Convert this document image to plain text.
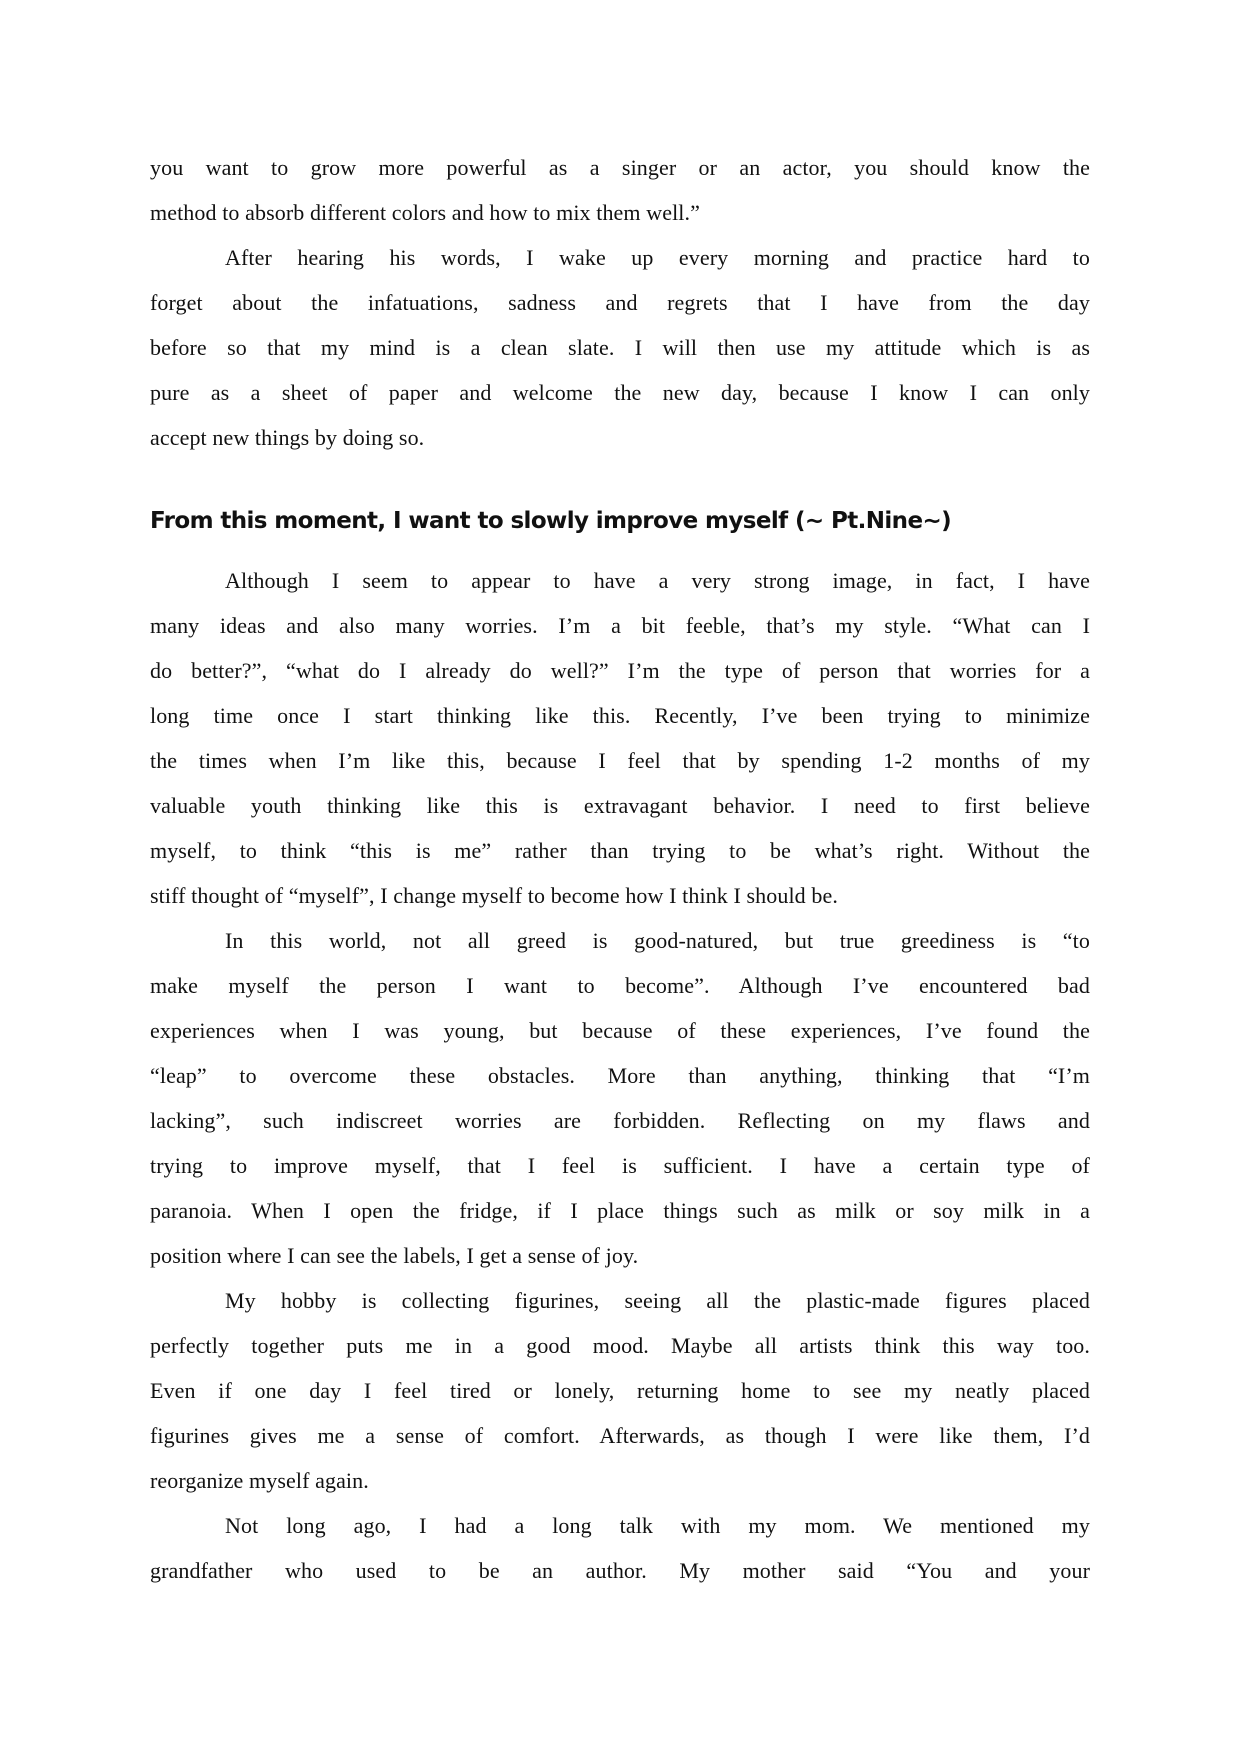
you want to grow more powerful as a singer or an actor, you should know the
method to absorb different colors and how to mix them well.”
After hearing his words, I wake up every morning and practice hard to
forget about the infatuations, sadness and regrets that I have from the day
before so that my mind is a clean slate. I will then use my attitude which is as
pure as a sheet of paper and welcome the new day, because I know I can only
accept new things by doing so.
From this moment, I want to slowly improve myself (~ Pt.Nine~)
Although I seem to appear to have a very strong image, in fact, I have
many ideas and also many worries. I’m a bit feeble, that’s my style. “What can I
do better?”, “what do I already do well?” I’m the type of person that worries for a
long time once I start thinking like this. Recently, I’ve been trying to minimize
the times when I’m like this, because I feel that by spending 1-2 months of my
valuable youth thinking like this is extravagant behavior. I need to first believe
myself, to think “this is me” rather than trying to be what’s right. Without the
stiff thought of “myself”, I change myself to become how I think I should be.
In this world, not all greed is good-natured, but true greediness is “to
make myself the person I want to become”. Although I’ve encountered bad
experiences when I was young, but because of these experiences, I’ve found the
“leap” to overcome these obstacles. More than anything, thinking that “I’m
lacking”, such indiscreet worries are forbidden. Reflecting on my flaws and
trying to improve myself, that I feel is sufficient. I have a certain type of
paranoia. When I open the fridge, if I place things such as milk or soy milk in a
position where I can see the labels, I get a sense of joy.
My hobby is collecting figurines, seeing all the plastic-made figures placed
perfectly together puts me in a good mood. Maybe all artists think this way too.
Even if one day I feel tired or lonely, returning home to see my neatly placed
figurines gives me a sense of comfort. Afterwards, as though I were like them, I’d
reorganize myself again.
Not long ago, I had a long talk with my mom. We mentioned my
grandfather who used to be an author. My mother said “You and your
